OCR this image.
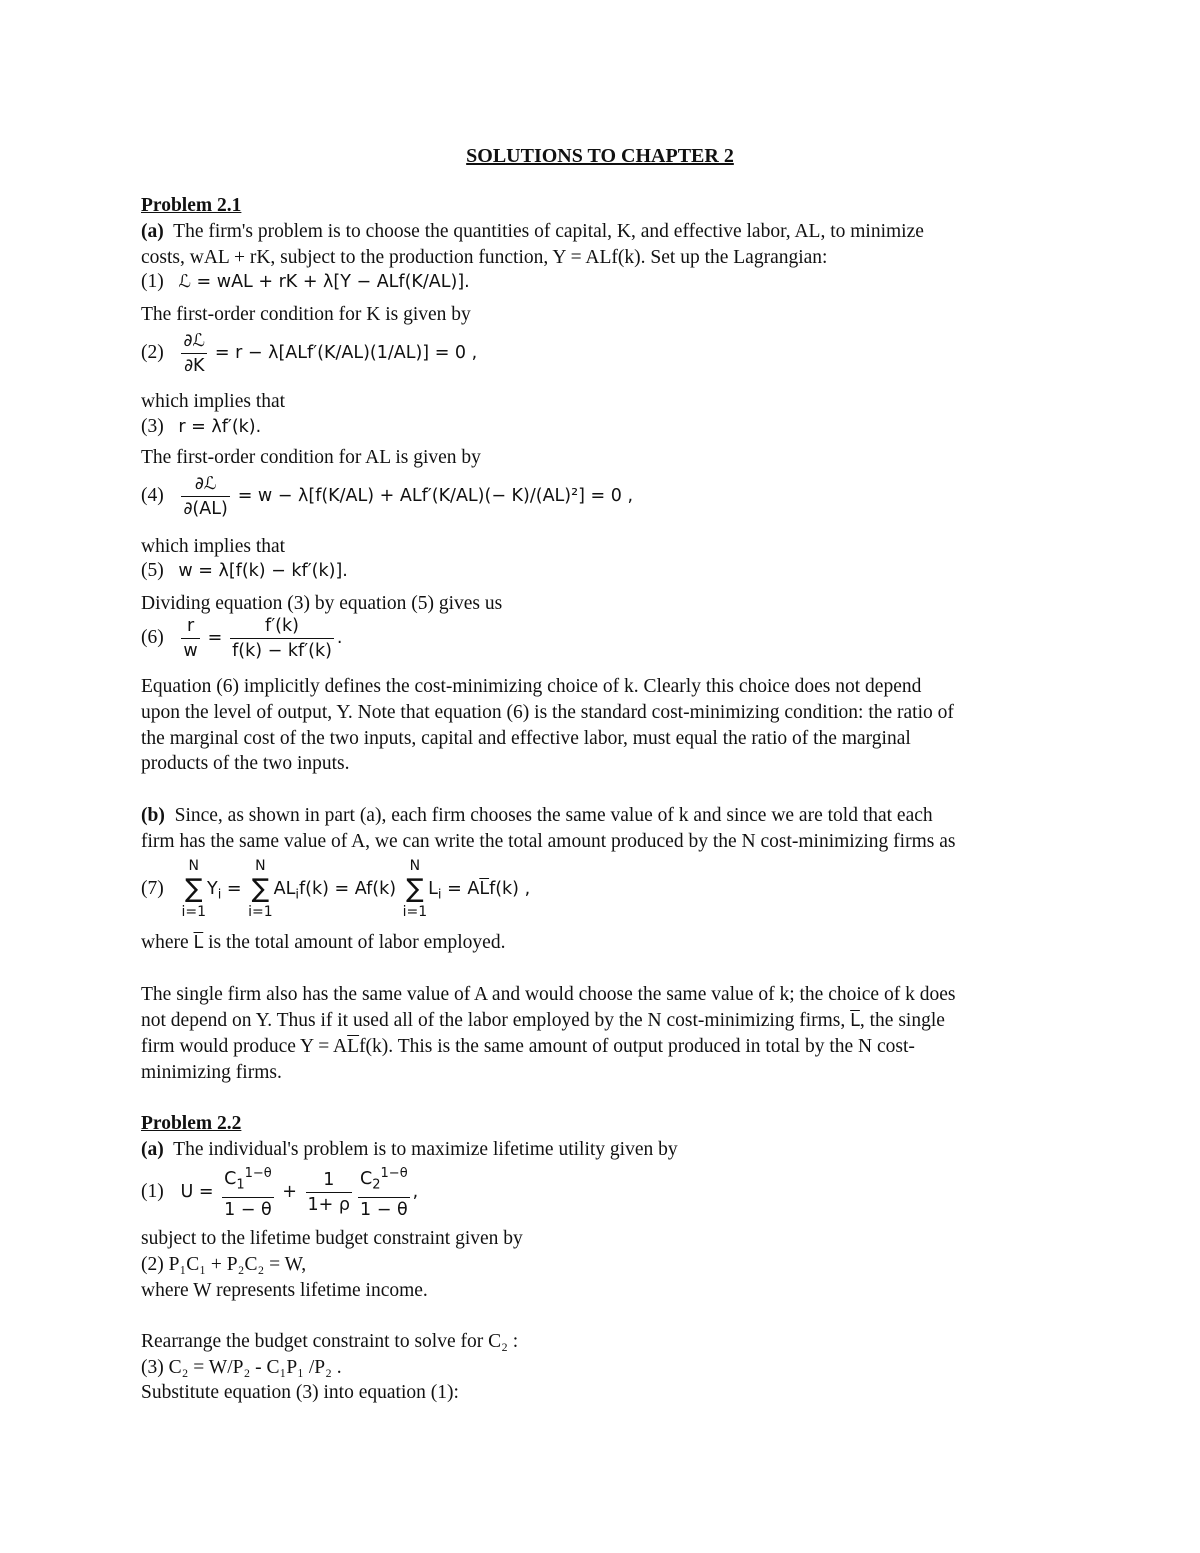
SOLUTIONS TO CHAPTER 2
Problem 2.1
(a) The firm's problem is to choose the quantities of capital, K, and effective labor, AL, to minimize
costs, wAL + rK, subject to the production function, Y = ALf(k). Set up the Lagrangian:
(1) ℒ = wAL + rK + λ[Y − ALf(K/AL)].
The first-order condition for K is given by
$(2) \frac{\text{∂ℒ}}{\partial K} = r - \lambda[ALf'(K/AL)(1/AL)] = 0$ ,
which implies that
(3) r = λf′(k).
The first-order condition for AL is given by
$(4) \frac{\text{∂ℒ}}{\partial(AL)} = w - \lambda[f(K/AL) + ALf'(K/AL)(- K)/(AL)^2] = 0$ ,
which implies that
(5) w = λ[f(k) − kf′(k)].
Dividing equation (3) by equation (5) gives us
$(6) \frac{r}{w} = \frac{f'(k)}{f(k) - kf'(k)}$ .
Equation (6) implicitly defines the cost-minimizing choice of k. Clearly this choice does not depend
upon the level of output, Y. Note that equation (6) is the standard cost-minimizing condition: the ratio of
the marginal cost of the two inputs, capital and effective labor, must equal the ratio of the marginal
products of the two inputs.
(b) Since, as shown in part (a), each firm chooses the same value of k and since we are told that each
firm has the same value of A, we can write the total amount produced by the N cost-minimizing firms as
(7)
N
∑
i=1
$Y_i$ =
N
∑
i=1
$AL_if(k) = Af(k)$
N
∑
i=1
$L_i = A\overline{L}f(k)$ ,
where $\overline{L}$ is the total amount of labor employed.
The single firm also has the same value of A and would choose the same value of k; the choice of k does
not depend on Y. Thus if it used all of the labor employed by the N cost-minimizing firms, $\overline{L}$, the single
firm would produce $Y = A\overline{L}f(k)$. This is the same amount of output produced in total by the N cost-
minimizing firms.
Problem 2.2
(a) The individual's problem is to maximize lifetime utility given by
(1) $U = \frac{C_1^{1-\theta}}{1 - \theta} + \frac{1}{1+ \rho} \frac{C_2^{1-\theta}}{1 - \theta}$ ,
subject to the lifetime budget constraint given by
(2) P₁C₁ + P₂C₂ = W,
where W represents lifetime income.
Rearrange the budget constraint to solve for C₂ :
(3) C₂ = W/P₂ - C₁P₁ /P₂ .
Substitute equation (3) into equation (1):
